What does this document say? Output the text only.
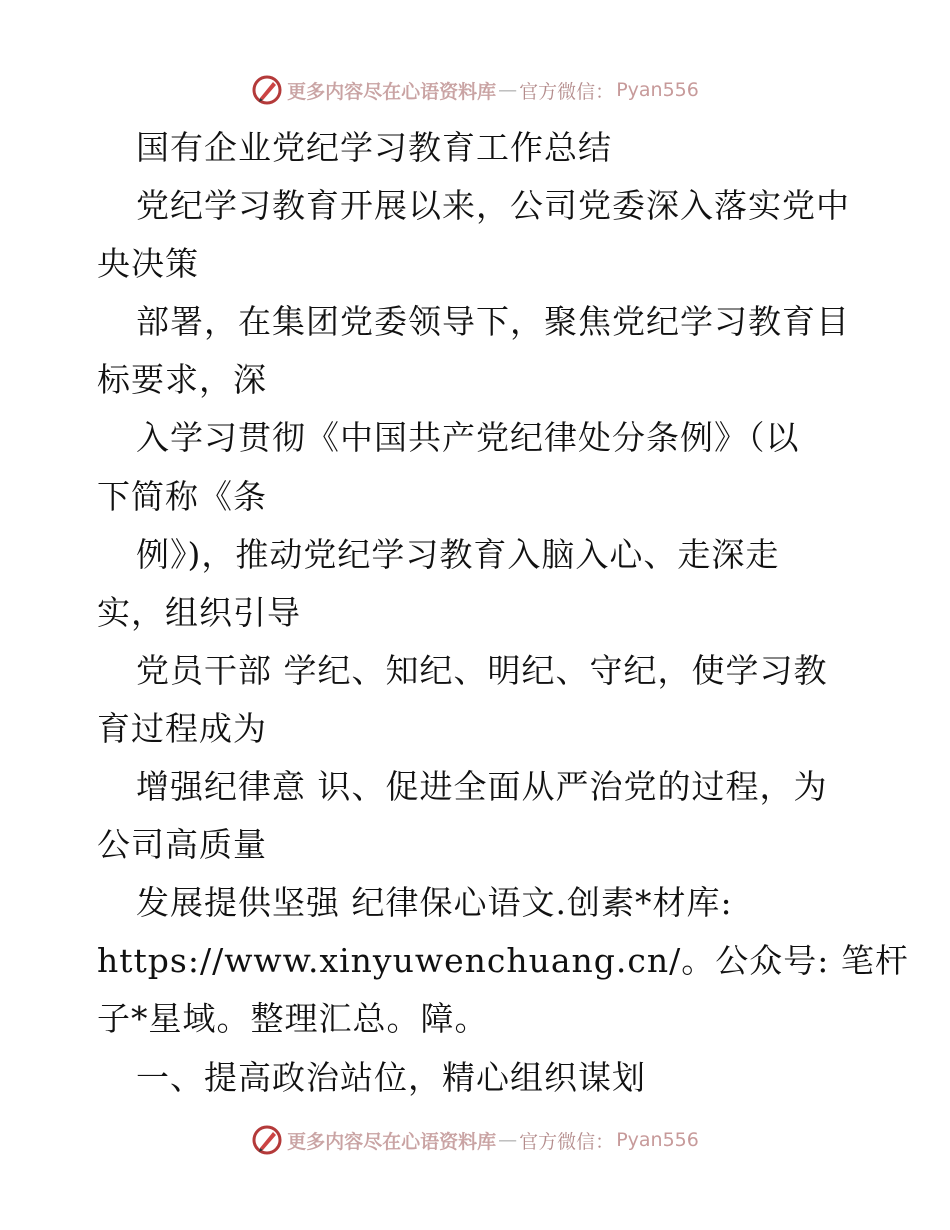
更多内容尽在心语资料库 — 官方微信 ： Pyan556
国有企业党纪学习教育工作总结
党纪学习教育开展以来，公司党委深入落实党中
央决策
部署，在集团党委领导下，聚焦党纪学习教育目
标要求，深
入学习贯彻《中国共产党纪律处分条例》（以
下简称《条
例》)，推动党纪学习教育入脑入心、走深走
实，组织引导
党员干部 学纪、知纪、明纪、守纪，使学习教
育过程成为
增强纪律意 识、促进全面从严治党的过程，为
公司高质量
发展提供坚强 纪律保心语文.创素*材库:
https://www.xinyuwenchuang.cn/。公众号: 笔杆
子*星域。整理汇总。障。
一、提高政治站位，精心组织谋划
更多内容尽在心语资料库 — 官方微信 ： Pyan556
